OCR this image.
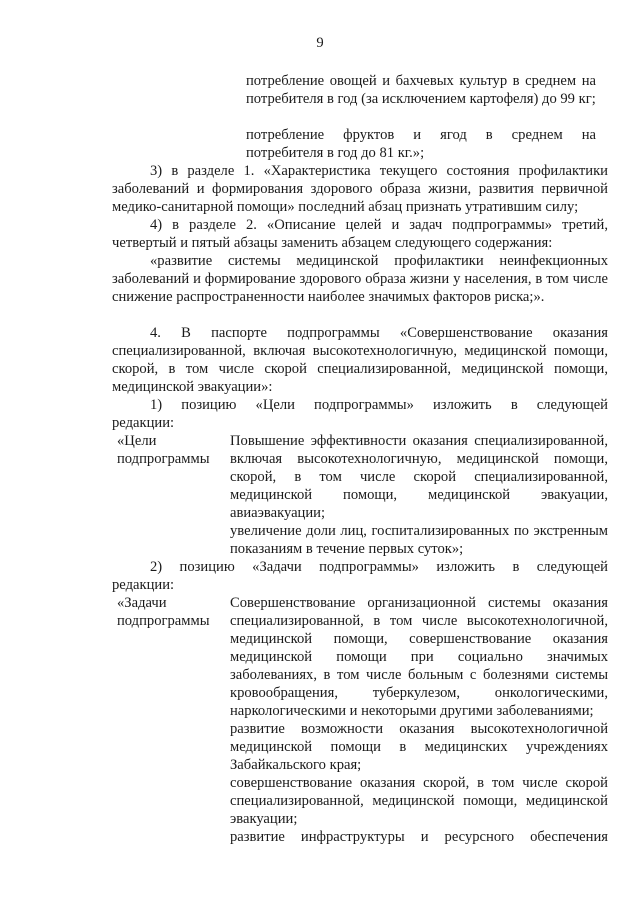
9

потребление овощей и бахчевых культур в среднем на потребителя в год (за исключением картофеля) до 99 кг;

потребление фруктов и ягод в среднем на

потребителя в год до 81 кг.»;

3) в разделе 1. «Характеристика текущего состояния профилактики заболеваний и формирования здорового образа жизни, развития первичной медико-санитарной помощи» последний абзац признать утратившим силу;

4) в разделе 2. «Описание целей и задач подпрограммы» третий, четвертый и пятый абзацы заменить абзацем следующего содержания:

«развитие системы медицинской профилактики неинфекционных заболеваний и формирование здорового образа жизни у населения, в том числе снижение распространенности наиболее значимых факторов риска;».

4. В паспорте подпрограммы «Совершенствование оказания специализированной, включая высокотехнологичную, медицинской помощи, скорой, в том числе скорой специализированной, медицинской помощи, медицинской эвакуации»:

1) позицию «Цели подпрограммы» изложить в следующей

редакции:

«Цели подпрограммы

Повышение эффективности оказания специализированной, включая высокотехнологичную, медицинской помощи, скорой, в том числе скорой специализированной, медицинской помощи, медицинской эвакуации, авиаэвакуации;

увеличение доли лиц, госпитализированных по экстренным показаниям в течение первых суток»;

2) позицию «Задачи подпрограммы» изложить в следующей

редакции:

«Задачи подпрограммы

Совершенствование организационной системы оказания специализированной, в том числе высокотехнологичной, медицинской помощи, совершенствование оказания медицинской помощи при социально значимых заболеваниях, в том числе больным с болезнями системы кровообращения, туберкулезом, онкологическими, наркологическими и некоторыми другими заболеваниями;

развитие возможности оказания высокотехнологичной медицинской помощи в медицинских учреждениях Забайкальского края;

совершенствование оказания скорой, в том числе скорой специализированной, медицинской помощи, медицинской эвакуации;

развитие инфраструктуры и ресурсного обеспечения
